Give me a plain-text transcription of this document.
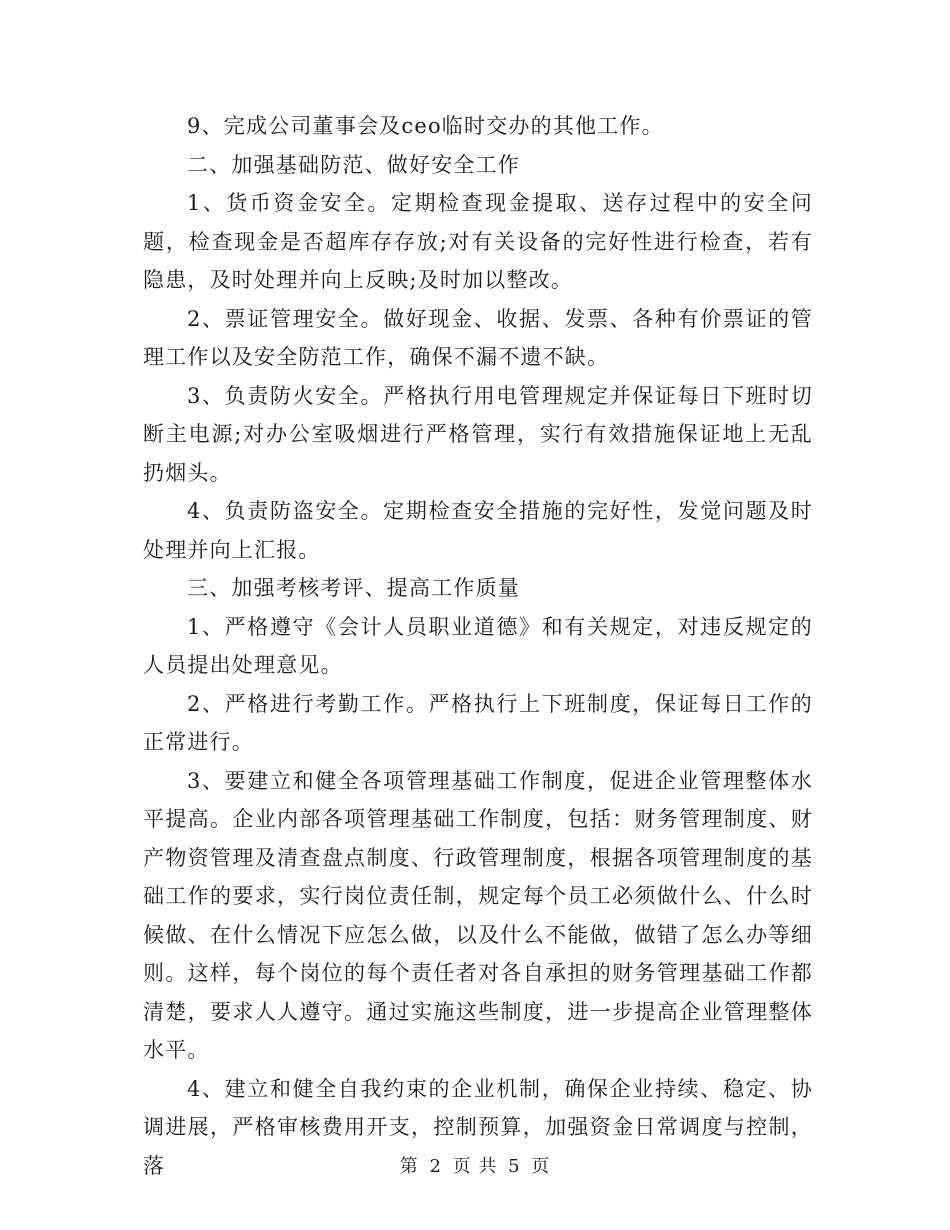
9、完成公司董事会及ceo临时交办的其他工作。

二、加强基础防范、做好安全工作

1、货币资金安全。定期检查现金提取、送存过程中的安全问题，检查现金是否超库存存放;对有关设备的完好性进行检查，若有隐患，及时处理并向上反映;及时加以整改。

2、票证管理安全。做好现金、收据、发票、各种有价票证的管理工作以及安全防范工作，确保不漏不遗不缺。

3、负责防火安全。严格执行用电管理规定并保证每日下班时切断主电源;对办公室吸烟进行严格管理，实行有效措施保证地上无乱扔烟头。

4、负责防盗安全。定期检查安全措施的完好性，发觉问题及时处理并向上汇报。

三、加强考核考评、提高工作质量

1、严格遵守《会计人员职业道德》和有关规定，对违反规定的人员提出处理意见。

2、严格进行考勤工作。严格执行上下班制度，保证每日工作的正常进行。

3、要建立和健全各项管理基础工作制度，促进企业管理整体水平提高。企业内部各项管理基础工作制度，包括：财务管理制度、财产物资管理及清查盘点制度、行政管理制度，根据各项管理制度的基础工作的要求，实行岗位责任制，规定每个员工必须做什么、什么时候做、在什么情况下应怎么做，以及什么不能做，做错了怎么办等细则。这样，每个岗位的每个责任者对各自承担的财务管理基础工作都清楚，要求人人遵守。通过实施这些制度，进一步提高企业管理整体水平。

4、建立和健全自我约束的企业机制，确保企业持续、稳定、协调进展，严格审核费用开支，控制预算，加强资金日常调度与控制，落	第 2 页 共 5 页
